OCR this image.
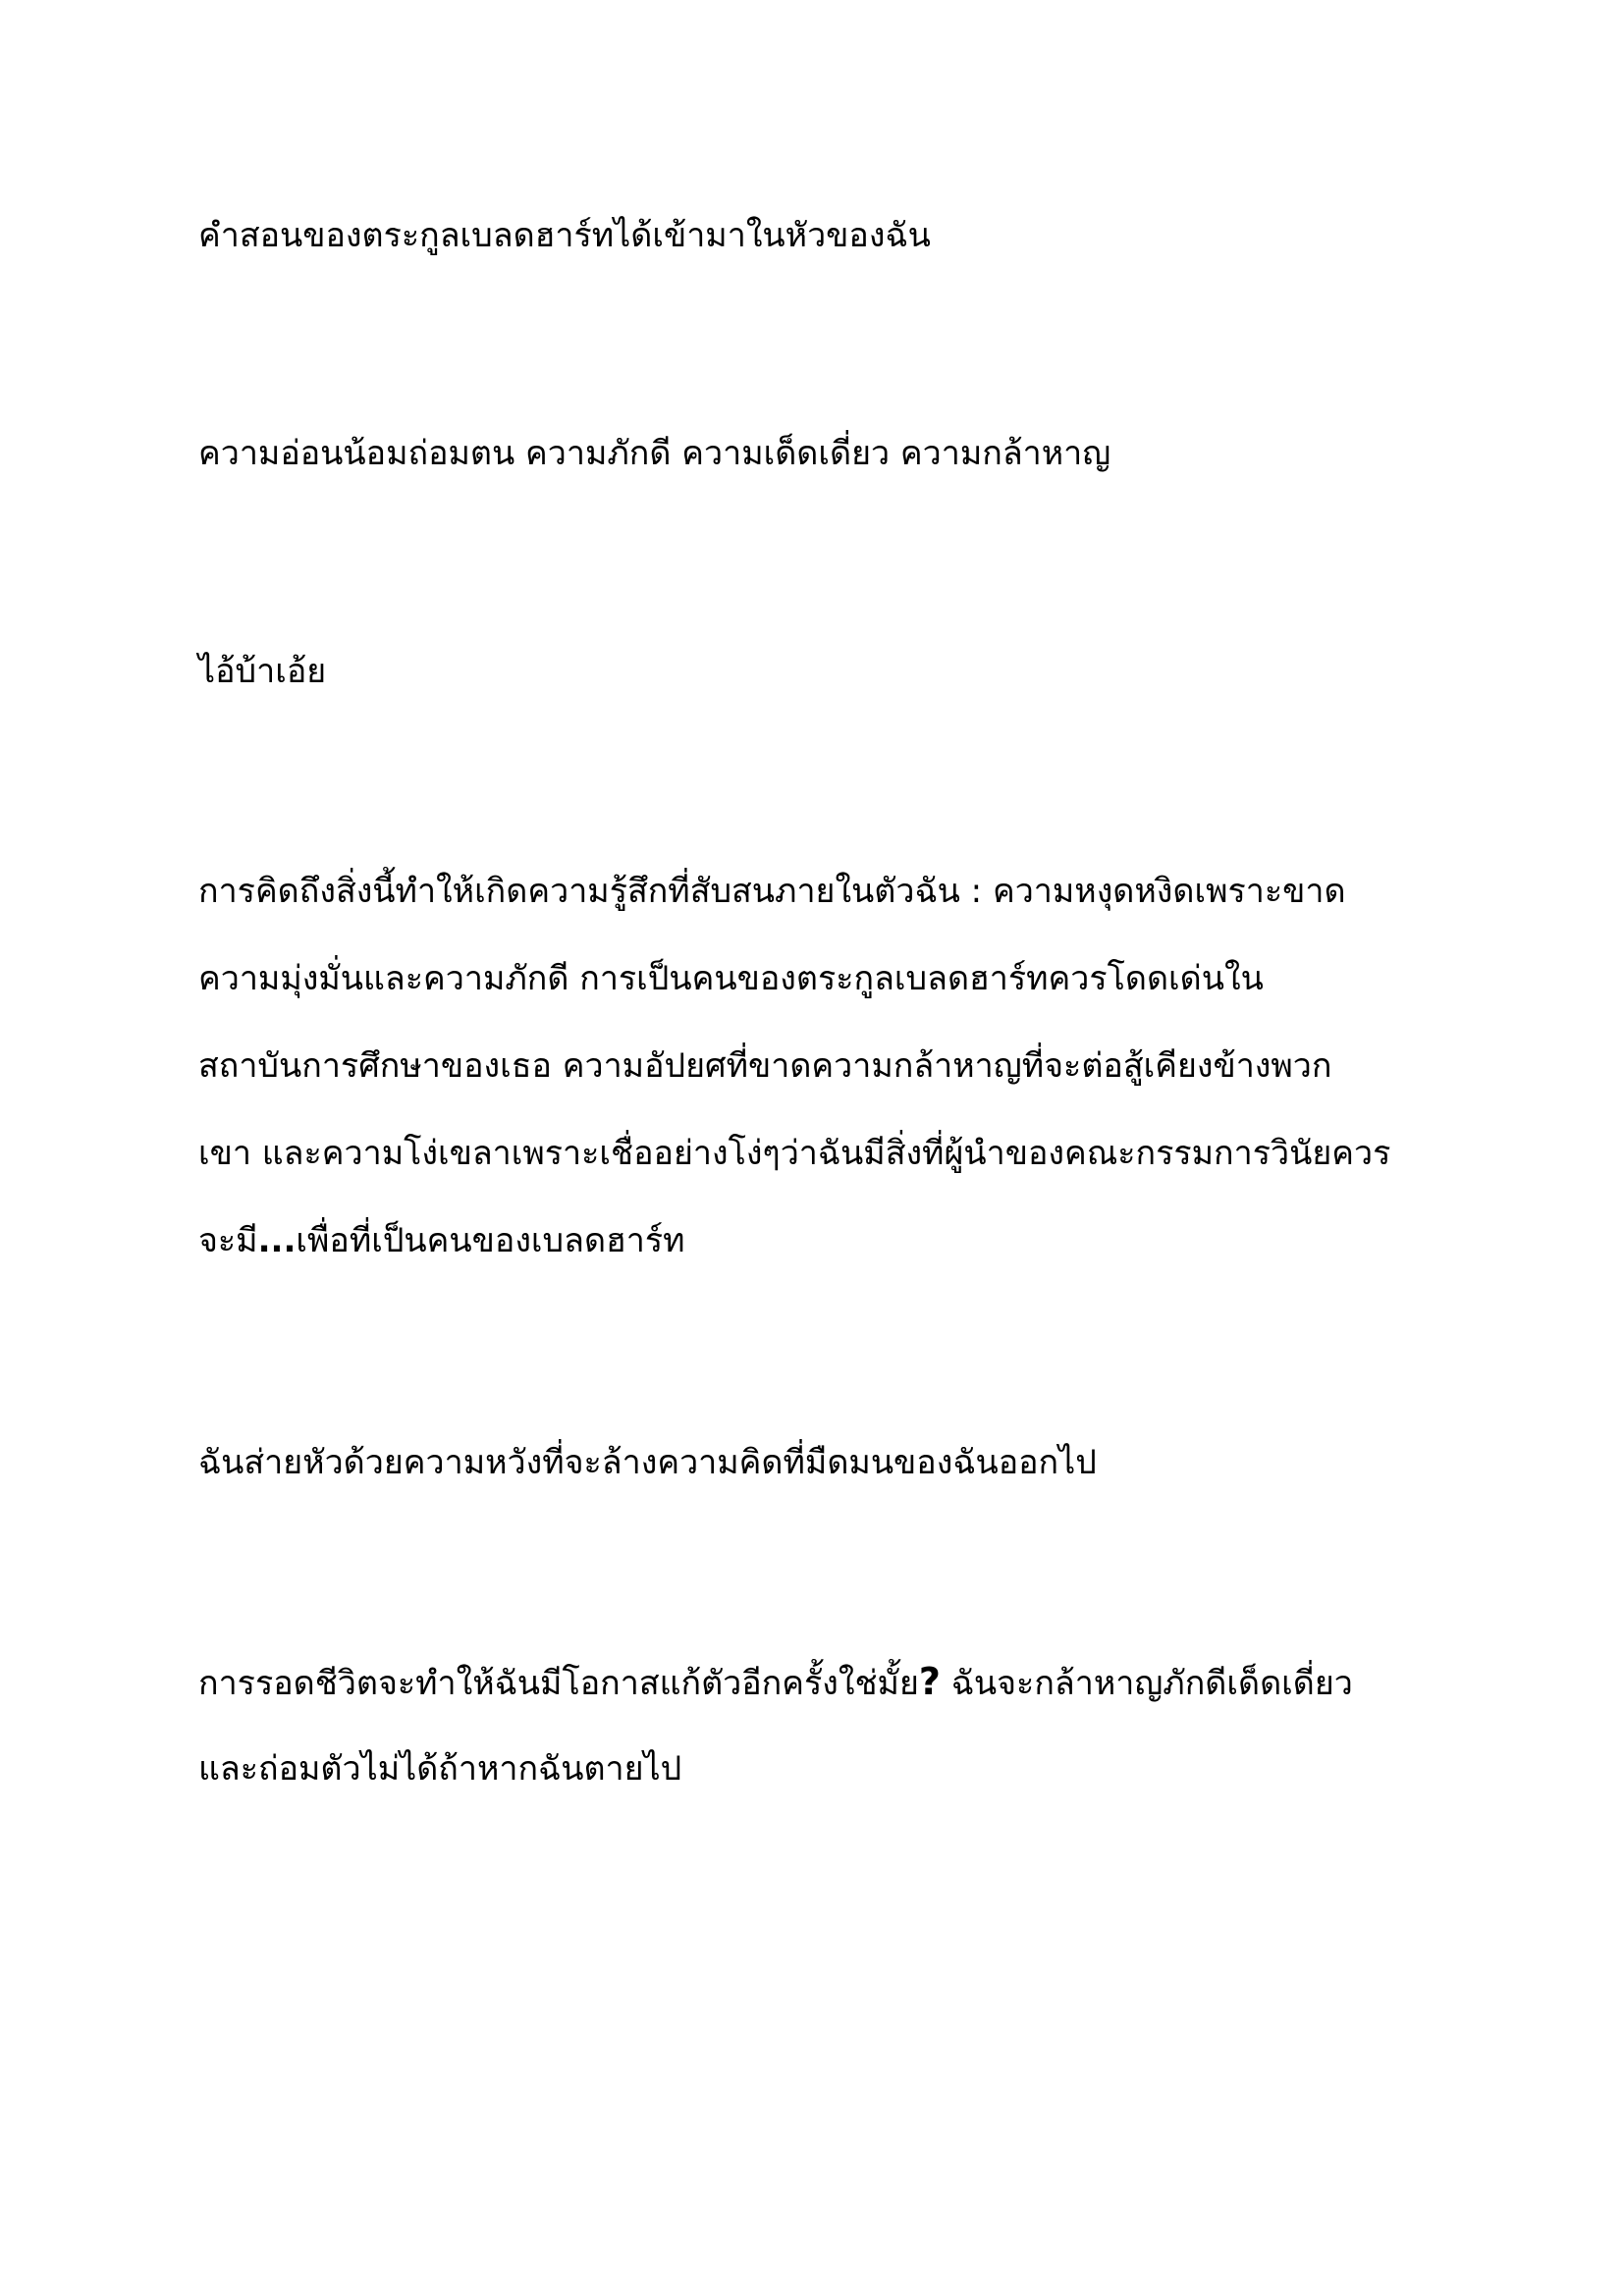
คำสอนของตระกูลเบลดฮาร์ทได้เข้ามาในหัวของฉัน
ความอ่อนน้อมถ่อมตน ความภักดี ความเด็ดเดี่ยว ความกล้าหาญ
ไอ้บ้าเอ้ย
การคิดถึงสิ่งนี้ทำให้เกิดความรู้สึกที่สับสนภายในตัวฉัน : ความหงุดหงิดเพราะขาด
ความมุ่งมั่นและความภักดี การเป็นคนของตระกูลเบลดฮาร์ทควรโดดเด่นใน
สถาบันการศึกษาของเธอ ความอัปยศที่ขาดความกล้าหาญที่จะต่อสู้เคียงข้างพวก
เขา และความโง่เขลาเพราะเชื่ออย่างโง่ๆว่าฉันมีสิ่งที่ผู้นำของคณะกรรมการวินัยควร
จะมี...เพื่อที่เป็นคนของเบลดฮาร์ท
ฉันส่ายหัวด้วยความหวังที่จะล้างความคิดที่มืดมนของฉันออกไป
การรอดชีวิตจะทำให้ฉันมีโอกาสแก้ตัวอีกครั้งใช่มั้ย? ฉันจะกล้าหาญภักดีเด็ดเดี่ยว
และถ่อมตัวไม่ได้ถ้าหากฉันตายไป
